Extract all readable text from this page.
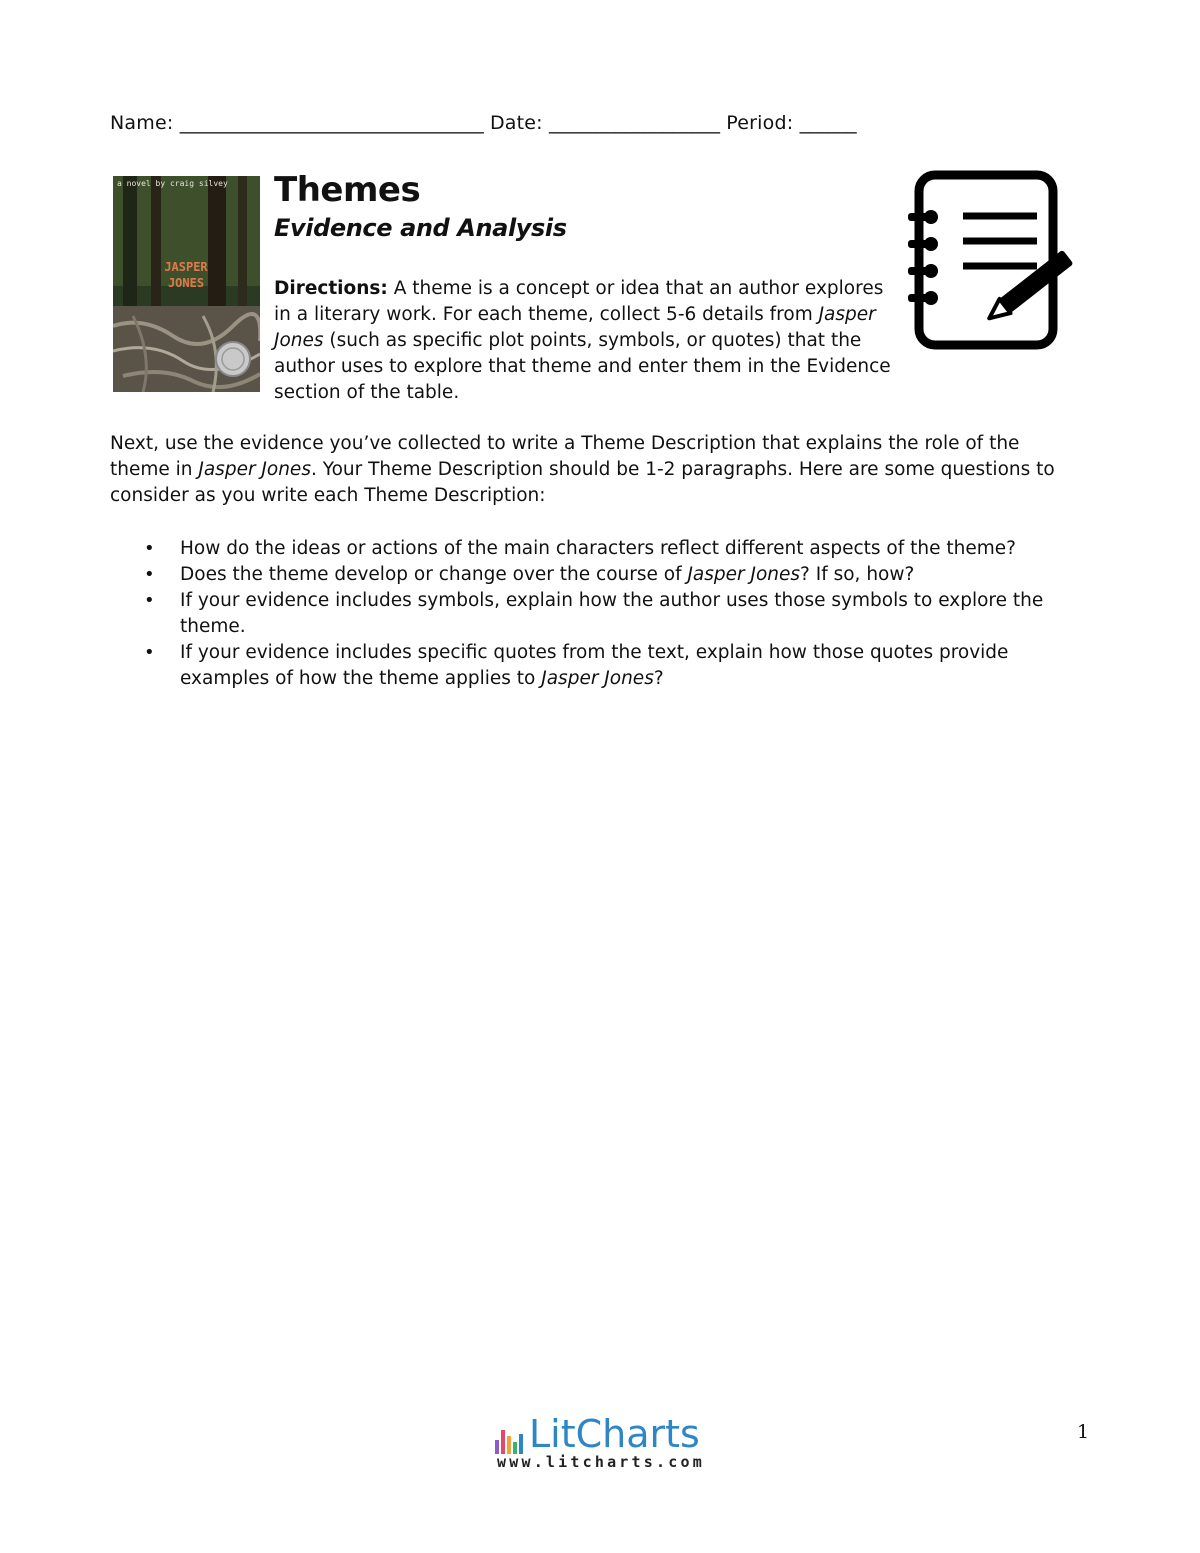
Name: ________________________________ Date: __________________ Period: ______
a novel by craig silvey
JASPER
JONES
Themes
Evidence and Analysis
Directions: A theme is a concept or idea that an author explores in a literary work. For each theme, collect 5-6 details from Jasper Jones (such as specific plot points, symbols, or quotes) that the author uses to explore that theme and enter them in the Evidence section of the table.
Next, use the evidence you’ve collected to write a Theme Description that explains the role of the theme in Jasper Jones. Your Theme Description should be 1-2 paragraphs. Here are some questions to consider as you write each Theme Description:
• How do the ideas or actions of the main characters reflect different aspects of the theme?
• Does the theme develop or change over the course of Jasper Jones? If so, how?
• If your evidence includes symbols, explain how the author uses those symbols to explore the theme.
• If your evidence includes specific quotes from the text, explain how those quotes provide examples of how the theme applies to Jasper Jones?
LitCharts
www.litcharts.com
1
